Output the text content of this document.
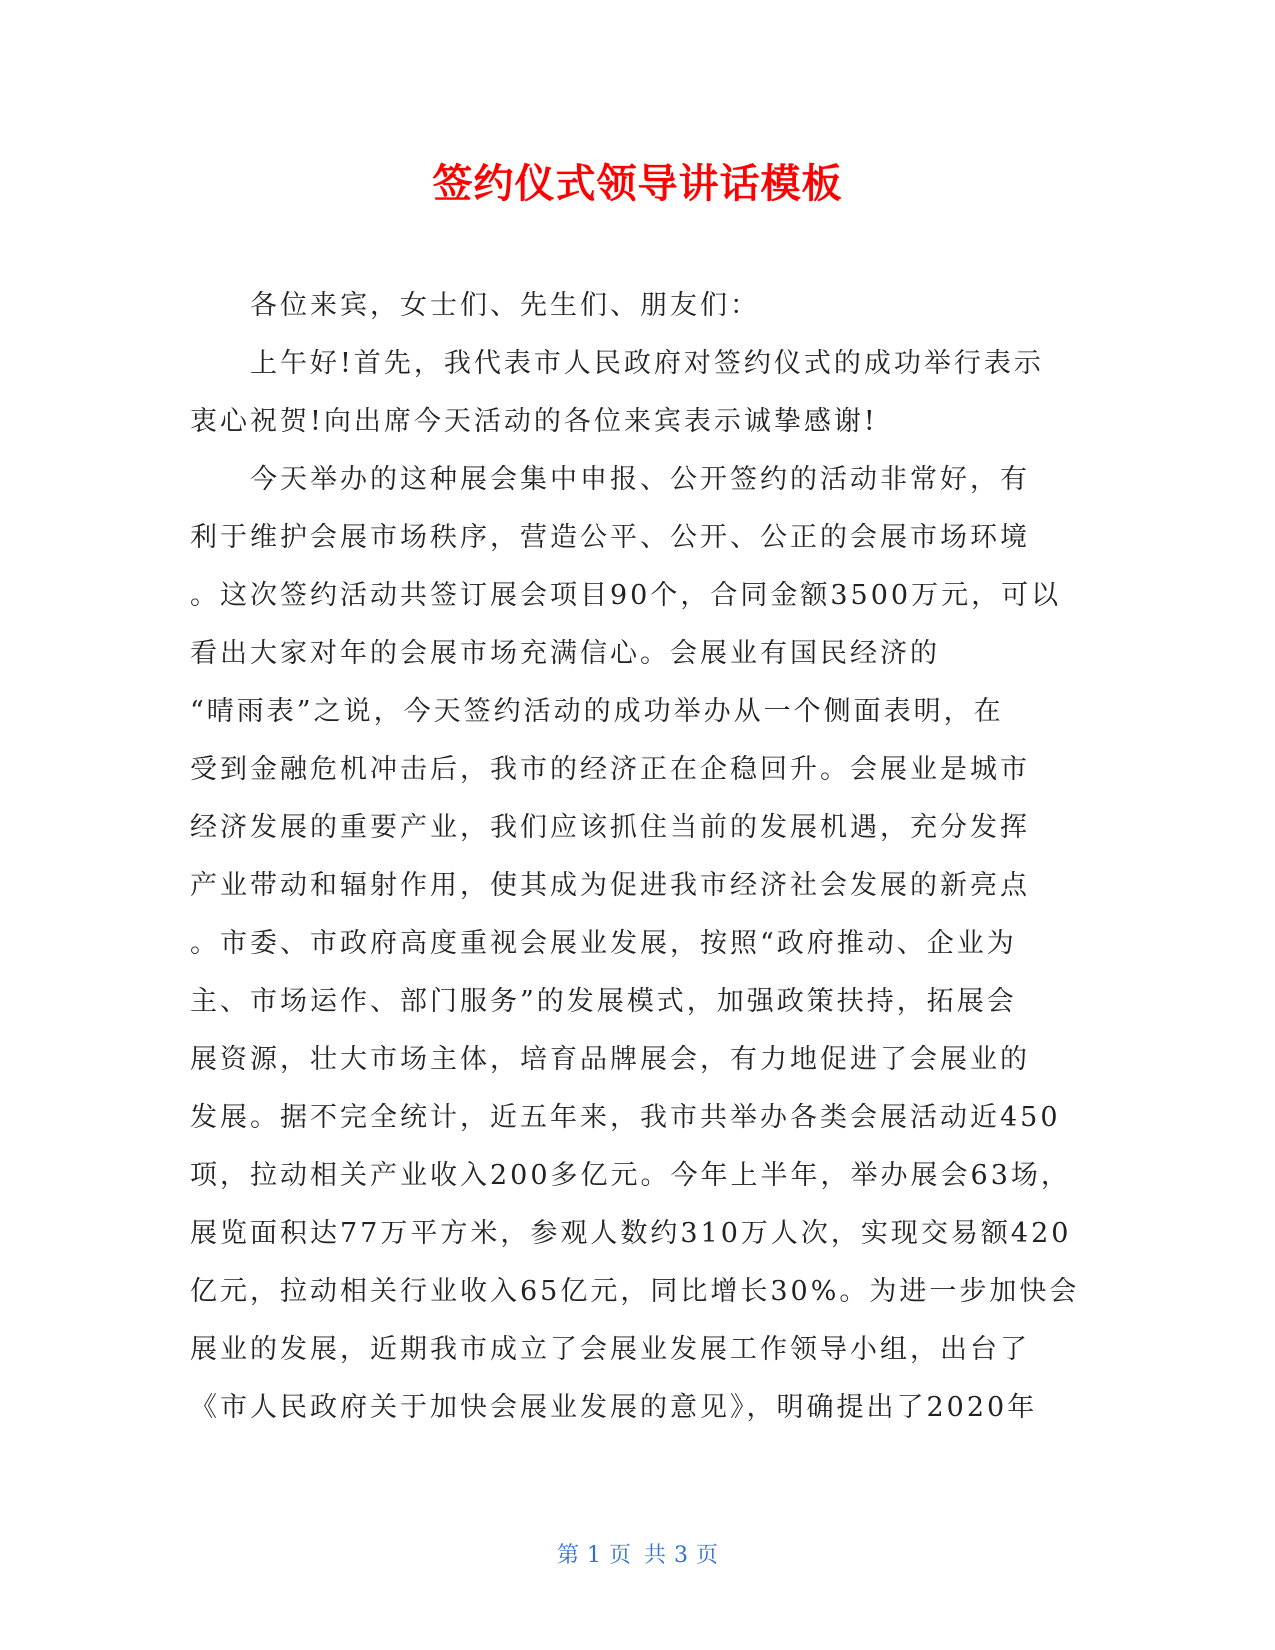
签约仪式领导讲话模板
各位来宾，女士们、先生们、朋友们：
上午好!首先，我代表市人民政府对签约仪式的成功举行表示
衷心祝贺!向出席今天活动的各位来宾表示诚挚感谢!
今天举办的这种展会集中申报、公开签约的活动非常好，有
利于维护会展市场秩序，营造公平、公开、公正的会展市场环境
。这次签约活动共签订展会项目90个，合同金额3500万元，可以
看出大家对年的会展市场充满信心。会展业有国民经济的
“晴雨表”之说，今天签约活动的成功举办从一个侧面表明，在
受到金融危机冲击后，我市的经济正在企稳回升。会展业是城市
经济发展的重要产业，我们应该抓住当前的发展机遇，充分发挥
产业带动和辐射作用，使其成为促进我市经济社会发展的新亮点
。市委、市政府高度重视会展业发展，按照“政府推动、企业为
主、市场运作、部门服务”的发展模式，加强政策扶持，拓展会
展资源，壮大市场主体，培育品牌展会，有力地促进了会展业的
发展。据不完全统计，近五年来，我市共举办各类会展活动近450
项，拉动相关产业收入200多亿元。今年上半年，举办展会63场，
展览面积达77万平方米，参观人数约310万人次，实现交易额420
亿元，拉动相关行业收入65亿元，同比增长30%。为进一步加快会
展业的发展，近期我市成立了会展业发展工作领导小组，出台了
《市人民政府关于加快会展业发展的意见》，明确提出了2020年
第 1 页 共 3 页
